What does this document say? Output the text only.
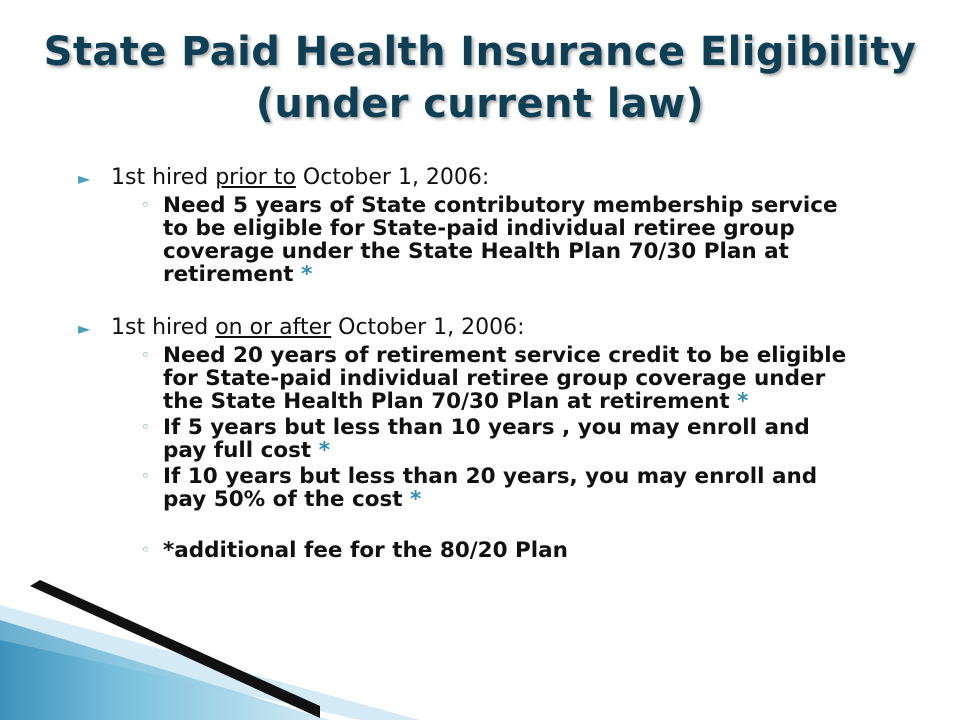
State Paid Health Insurance Eligibility
(under current law)
► 1st hired prior to October 1, 2006:
◦ Need 5 years of State contributory membership service to be eligible for State-paid individual retiree group coverage under the State Health Plan 70/30 Plan at retirement *
► 1st hired on or after October 1, 2006:
◦ Need 20 years of retirement service credit to be eligible for State-paid individual retiree group coverage under the State Health Plan 70/30 Plan at retirement *
◦ If 5 years but less than 10 years , you may enroll and pay full cost *
◦ If 10 years but less than 20 years, you may enroll and pay 50% of the cost *
◦ *additional fee for the 80/20 Plan
